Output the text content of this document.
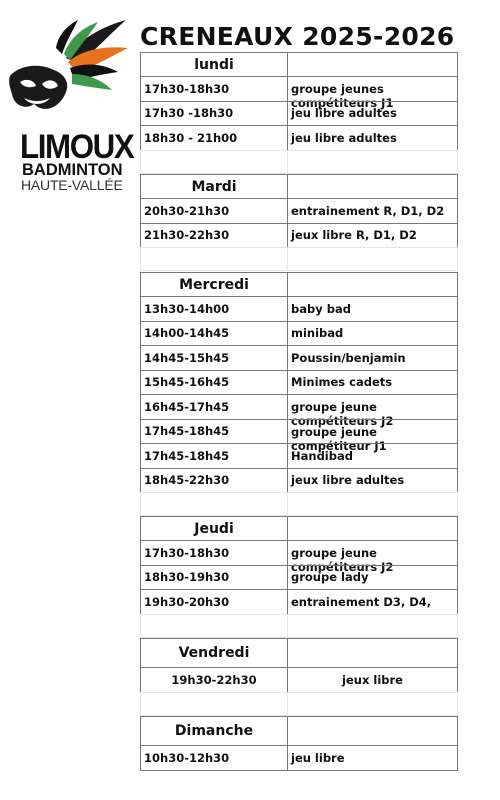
LIMOUX
BADMINTON
HAUTE-VALLÉE
CRENEAUX 2025-2026
lundi
17h30-18h30	groupe jeunes compétiteurs J1
17h30 -18h30	jeu libre adultes
18h30 - 21h00	jeu libre adultes
Mardi
20h30-21h30	entrainement R, D1, D2
21h30-22h30	jeux libre R, D1, D2
Mercredi
13h30-14h00	baby bad
14h00-14h45	minibad
14h45-15h45	Poussin/benjamin
15h45-16h45	Minimes cadets
16h45-17h45	groupe jeune compétiteurs J2
17h45-18h45	groupe jeune compétiteur J1
17h45-18h45	Handibad
18h45-22h30	jeux libre adultes
Jeudi
17h30-18h30	groupe jeune compétiteurs J2
18h30-19h30	groupe lady
19h30-20h30	entrainement D3, D4,
Vendredi
19h30-22h30	jeux libre
Dimanche
10h30-12h30	jeu libre
